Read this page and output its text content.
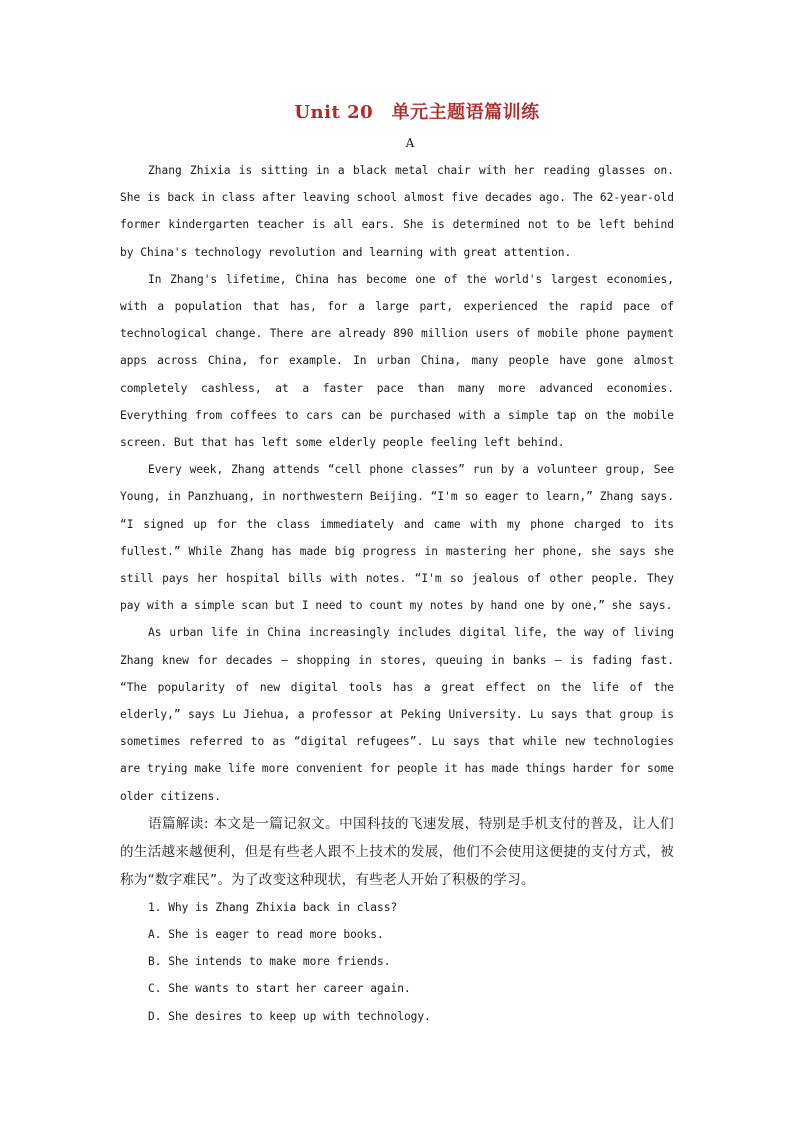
Unit 20　单元主题语篇训练
A

Zhang Zhixia is sitting in a black metal chair with her reading glasses on. She is back in class after leaving school almost five decades ago. The 62-year-old former kindergarten teacher is all ears. She is determined not to be left behind by China's technology revolution and learning with great attention.

In Zhang's lifetime, China has become one of the world's largest economies, with a population that has, for a large part, experienced the rapid pace of technological change. There are already 890 million users of mobile phone payment apps across China, for example. In urban China, many people have gone almost completely cashless, at a faster pace than many more advanced economies. Everything from coffees to cars can be purchased with a simple tap on the mobile screen. But that has left some elderly people feeling left behind.

Every week, Zhang attends “cell phone classes” run by a volunteer group, See Young, in Panzhuang, in northwestern Beijing. “I'm so eager to learn,” Zhang says. “I signed up for the class immediately and came with my phone charged to its fullest.” While Zhang has made big progress in mastering her phone, she says she still pays her hospital bills with notes. “I'm so jealous of other people. They pay with a simple scan but I need to count my notes by hand one by one,” she says.

As urban life in China increasingly includes digital life, the way of living Zhang knew for decades — shopping in stores, queuing in banks — is fading fast. “The popularity of new digital tools has a great effect on the life of the elderly,” says Lu Jiehua, a professor at Peking University. Lu says that group is sometimes referred to as “digital refugees”. Lu says that while new technologies are trying make life more convenient for people it has made things harder for some older citizens.

语篇解读: 本文是一篇记叙文。中国科技的飞速发展，特别是手机支付的普及，让人们的生活越来越便利，但是有些老人跟不上技术的发展，他们不会使用这便捷的支付方式，被称为“数字难民”。为了改变这种现状，有些老人开始了积极的学习。

1. Why is Zhang Zhixia back in class?

A. She is eager to read more books.

B. She intends to make more friends.

C. She wants to start her career again.

D. She desires to keep up with technology.
